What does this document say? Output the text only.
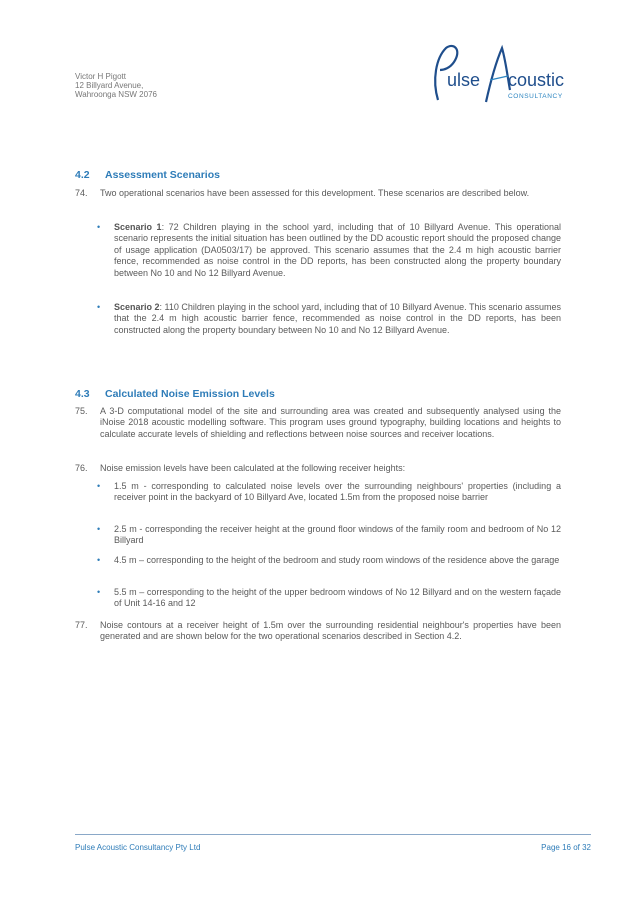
Victor H Pigott
12 Billyard Avenue,
Wahroonga NSW 2076
ulse coustic
CONSULTANCY
4.2 Assessment Scenarios
74. Two operational scenarios have been assessed for this development. These scenarios are described below.
• Scenario 1: 72 Children playing in the school yard, including that of 10 Billyard Avenue. This operational scenario represents the initial situation has been outlined by the DD acoustic report should the proposed change of usage application (DA0503/17) be approved. This scenario assumes that the 2.4 m high acoustic barrier fence, recommended as noise control in the DD reports, has been constructed along the property boundary between No 10 and No 12 Billyard Avenue.
• Scenario 2: 110 Children playing in the school yard, including that of 10 Billyard Avenue. This scenario assumes that the 2.4 m high acoustic barrier fence, recommended as noise control in the DD reports, has been constructed along the property boundary between No 10 and No 12 Billyard Avenue.
4.3 Calculated Noise Emission Levels
75. A 3-D computational model of the site and surrounding area was created and subsequently analysed using the iNoise 2018 acoustic modelling software. This program uses ground typography, building locations and heights to calculate accurate levels of shielding and reflections between noise sources and receiver locations.
76. Noise emission levels have been calculated at the following receiver heights:
• 1.5 m - corresponding to calculated noise levels over the surrounding neighbours' properties (including a receiver point in the backyard of 10 Billyard Ave, located 1.5m from the proposed noise barrier
• 2.5 m - corresponding the receiver height at the ground floor windows of the family room and bedroom of No 12 Billyard
• 4.5 m – corresponding to the height of the bedroom and study room windows of the residence above the garage
• 5.5 m – corresponding to the height of the upper bedroom windows of No 12 Billyard and on the western façade of Unit 14-16 and 12
77. Noise contours at a receiver height of 1.5m over the surrounding residential neighbour's properties have been generated and are shown below for the two operational scenarios described in Section 4.2.
Pulse Acoustic Consultancy Pty Ltd	Page 16 of 32
